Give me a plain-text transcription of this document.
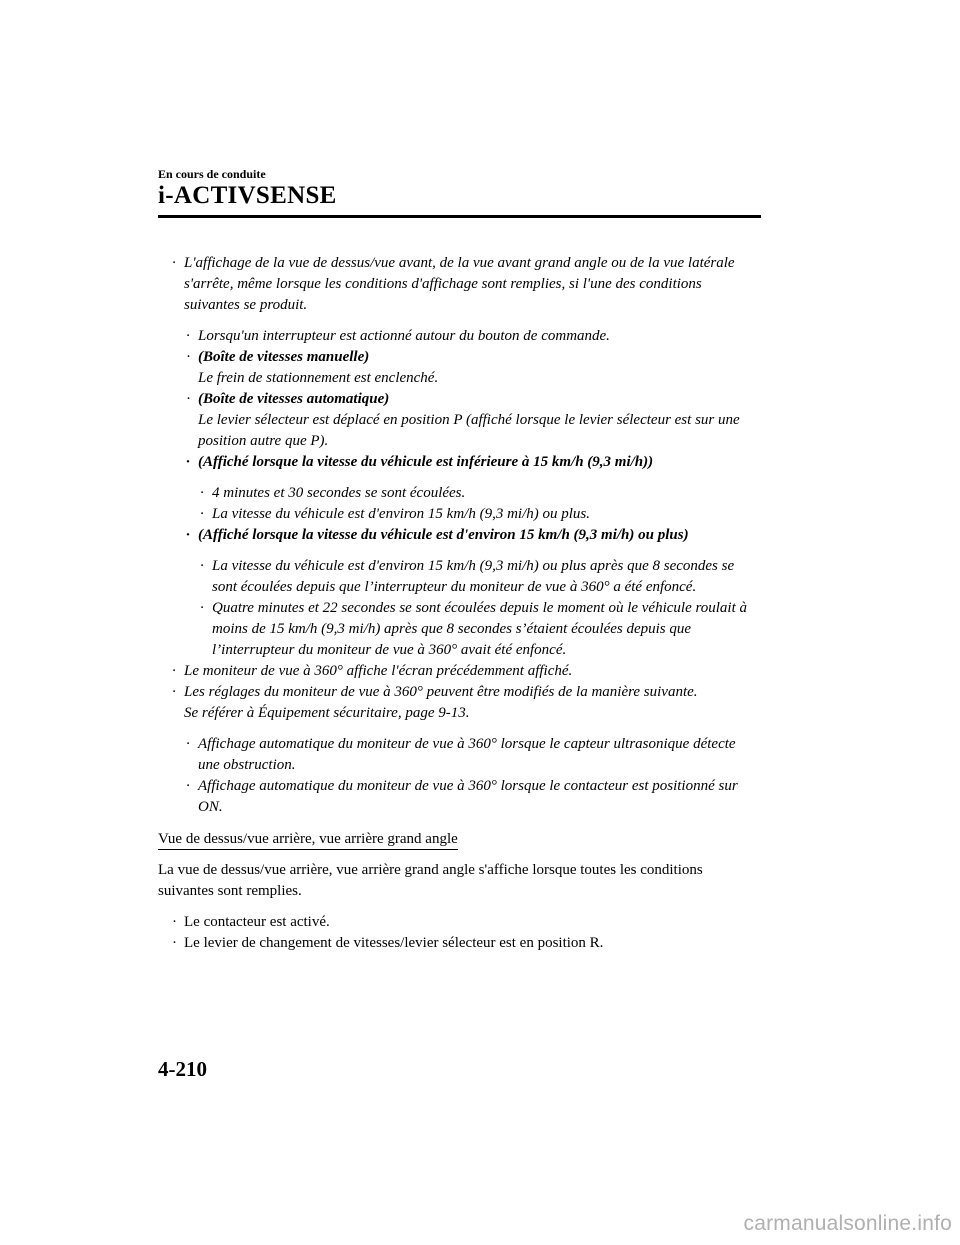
En cours de conduite
i-ACTIVSENSE
· L'affichage de la vue de dessus/vue avant, de la vue avant grand angle ou de la vue latérale s'arrête, même lorsque les conditions d'affichage sont remplies, si l'une des conditions suivantes se produit.
· Lorsqu'un interrupteur est actionné autour du bouton de commande.
· (Boîte de vitesses manuelle)
Le frein de stationnement est enclenché.
· (Boîte de vitesses automatique)
Le levier sélecteur est déplacé en position P (affiché lorsque le levier sélecteur est sur une position autre que P).
· (Affiché lorsque la vitesse du véhicule est inférieure à 15 km/h (9,3 mi/h))
· 4 minutes et 30 secondes se sont écoulées.
· La vitesse du véhicule est d'environ 15 km/h (9,3 mi/h) ou plus.
· (Affiché lorsque la vitesse du véhicule est d'environ 15 km/h (9,3 mi/h) ou plus)
· La vitesse du véhicule est d'environ 15 km/h (9,3 mi/h) ou plus après que 8 secondes se sont écoulées depuis que l’interrupteur du moniteur de vue à 360° a été enfoncé.
· Quatre minutes et 22 secondes se sont écoulées depuis le moment où le véhicule roulait à moins de 15 km/h (9,3 mi/h) après que 8 secondes s’étaient écoulées depuis que l’interrupteur du moniteur de vue à 360° avait été enfoncé.
· Le moniteur de vue à 360° affiche l'écran précédemment affiché.
· Les réglages du moniteur de vue à 360° peuvent être modifiés de la manière suivante.
Se référer à Équipement sécuritaire, page 9-13.
· Affichage automatique du moniteur de vue à 360° lorsque le capteur ultrasonique détecte une obstruction.
· Affichage automatique du moniteur de vue à 360° lorsque le contacteur est positionné sur ON.
Vue de dessus/vue arrière, vue arrière grand angle
La vue de dessus/vue arrière, vue arrière grand angle s'affiche lorsque toutes les conditions suivantes sont remplies.
· Le contacteur est activé.
· Le levier de changement de vitesses/levier sélecteur est en position R.
4-210
carmanualsonline.info
